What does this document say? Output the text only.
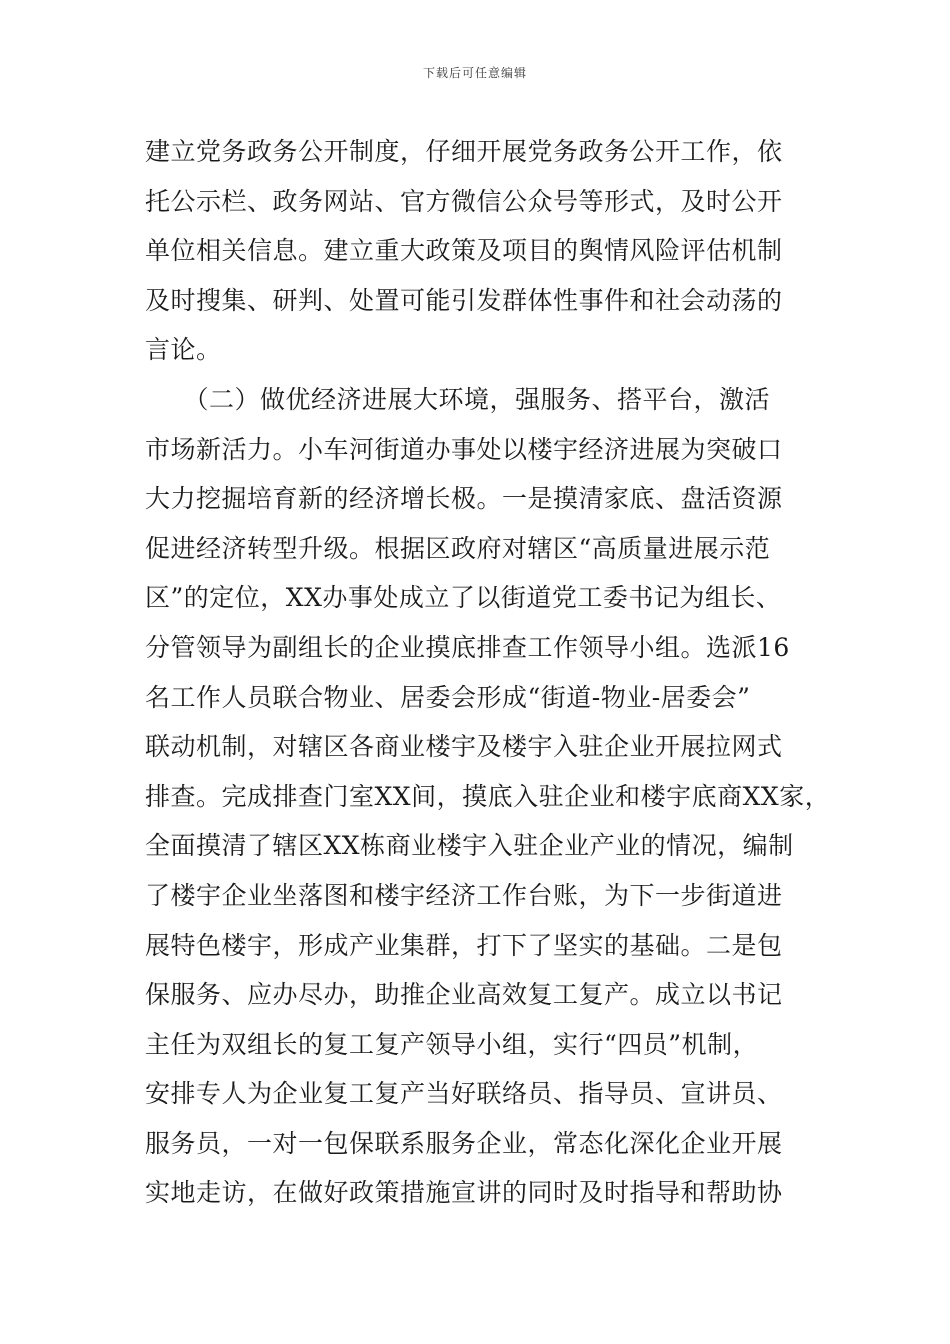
下载后可任意编辑
建立党务政务公开制度，仔细开展党务政务公开工作，依
托公示栏、政务网站、官方微信公众号等形式，及时公开
单位相关信息。建立重大政策及项目的舆情风险评估机制
及时搜集、研判、处置可能引发群体性事件和社会动荡的
言论。
　　（二）做优经济进展大环境，强服务、搭平台，激活
市场新活力。小车河街道办事处以楼宇经济进展为突破口
大力挖掘培育新的经济增长极。一是摸清家底、盘活资源
促进经济转型升级。根据区政府对辖区“高质量进展示范
区”的定位，XX办事处成立了以街道党工委书记为组长、
分管领导为副组长的企业摸底排查工作领导小组。选派16
名工作人员联合物业、居委会形成“街道-物业-居委会”
联动机制，对辖区各商业楼宇及楼宇入驻企业开展拉网式
排查。完成排查门室XX间，摸底入驻企业和楼宇底商XX家，
全面摸清了辖区XX栋商业楼宇入驻企业产业的情况，编制
了楼宇企业坐落图和楼宇经济工作台账，为下一步街道进
展特色楼宇，形成产业集群，打下了坚实的基础。二是包
保服务、应办尽办，助推企业高效复工复产。成立以书记
主任为双组长的复工复产领导小组，实行“四员”机制，
安排专人为企业复工复产当好联络员、指导员、宣讲员、
服务员，一对一包保联系服务企业，常态化深化企业开展
实地走访，在做好政策措施宣讲的同时及时指导和帮助协
